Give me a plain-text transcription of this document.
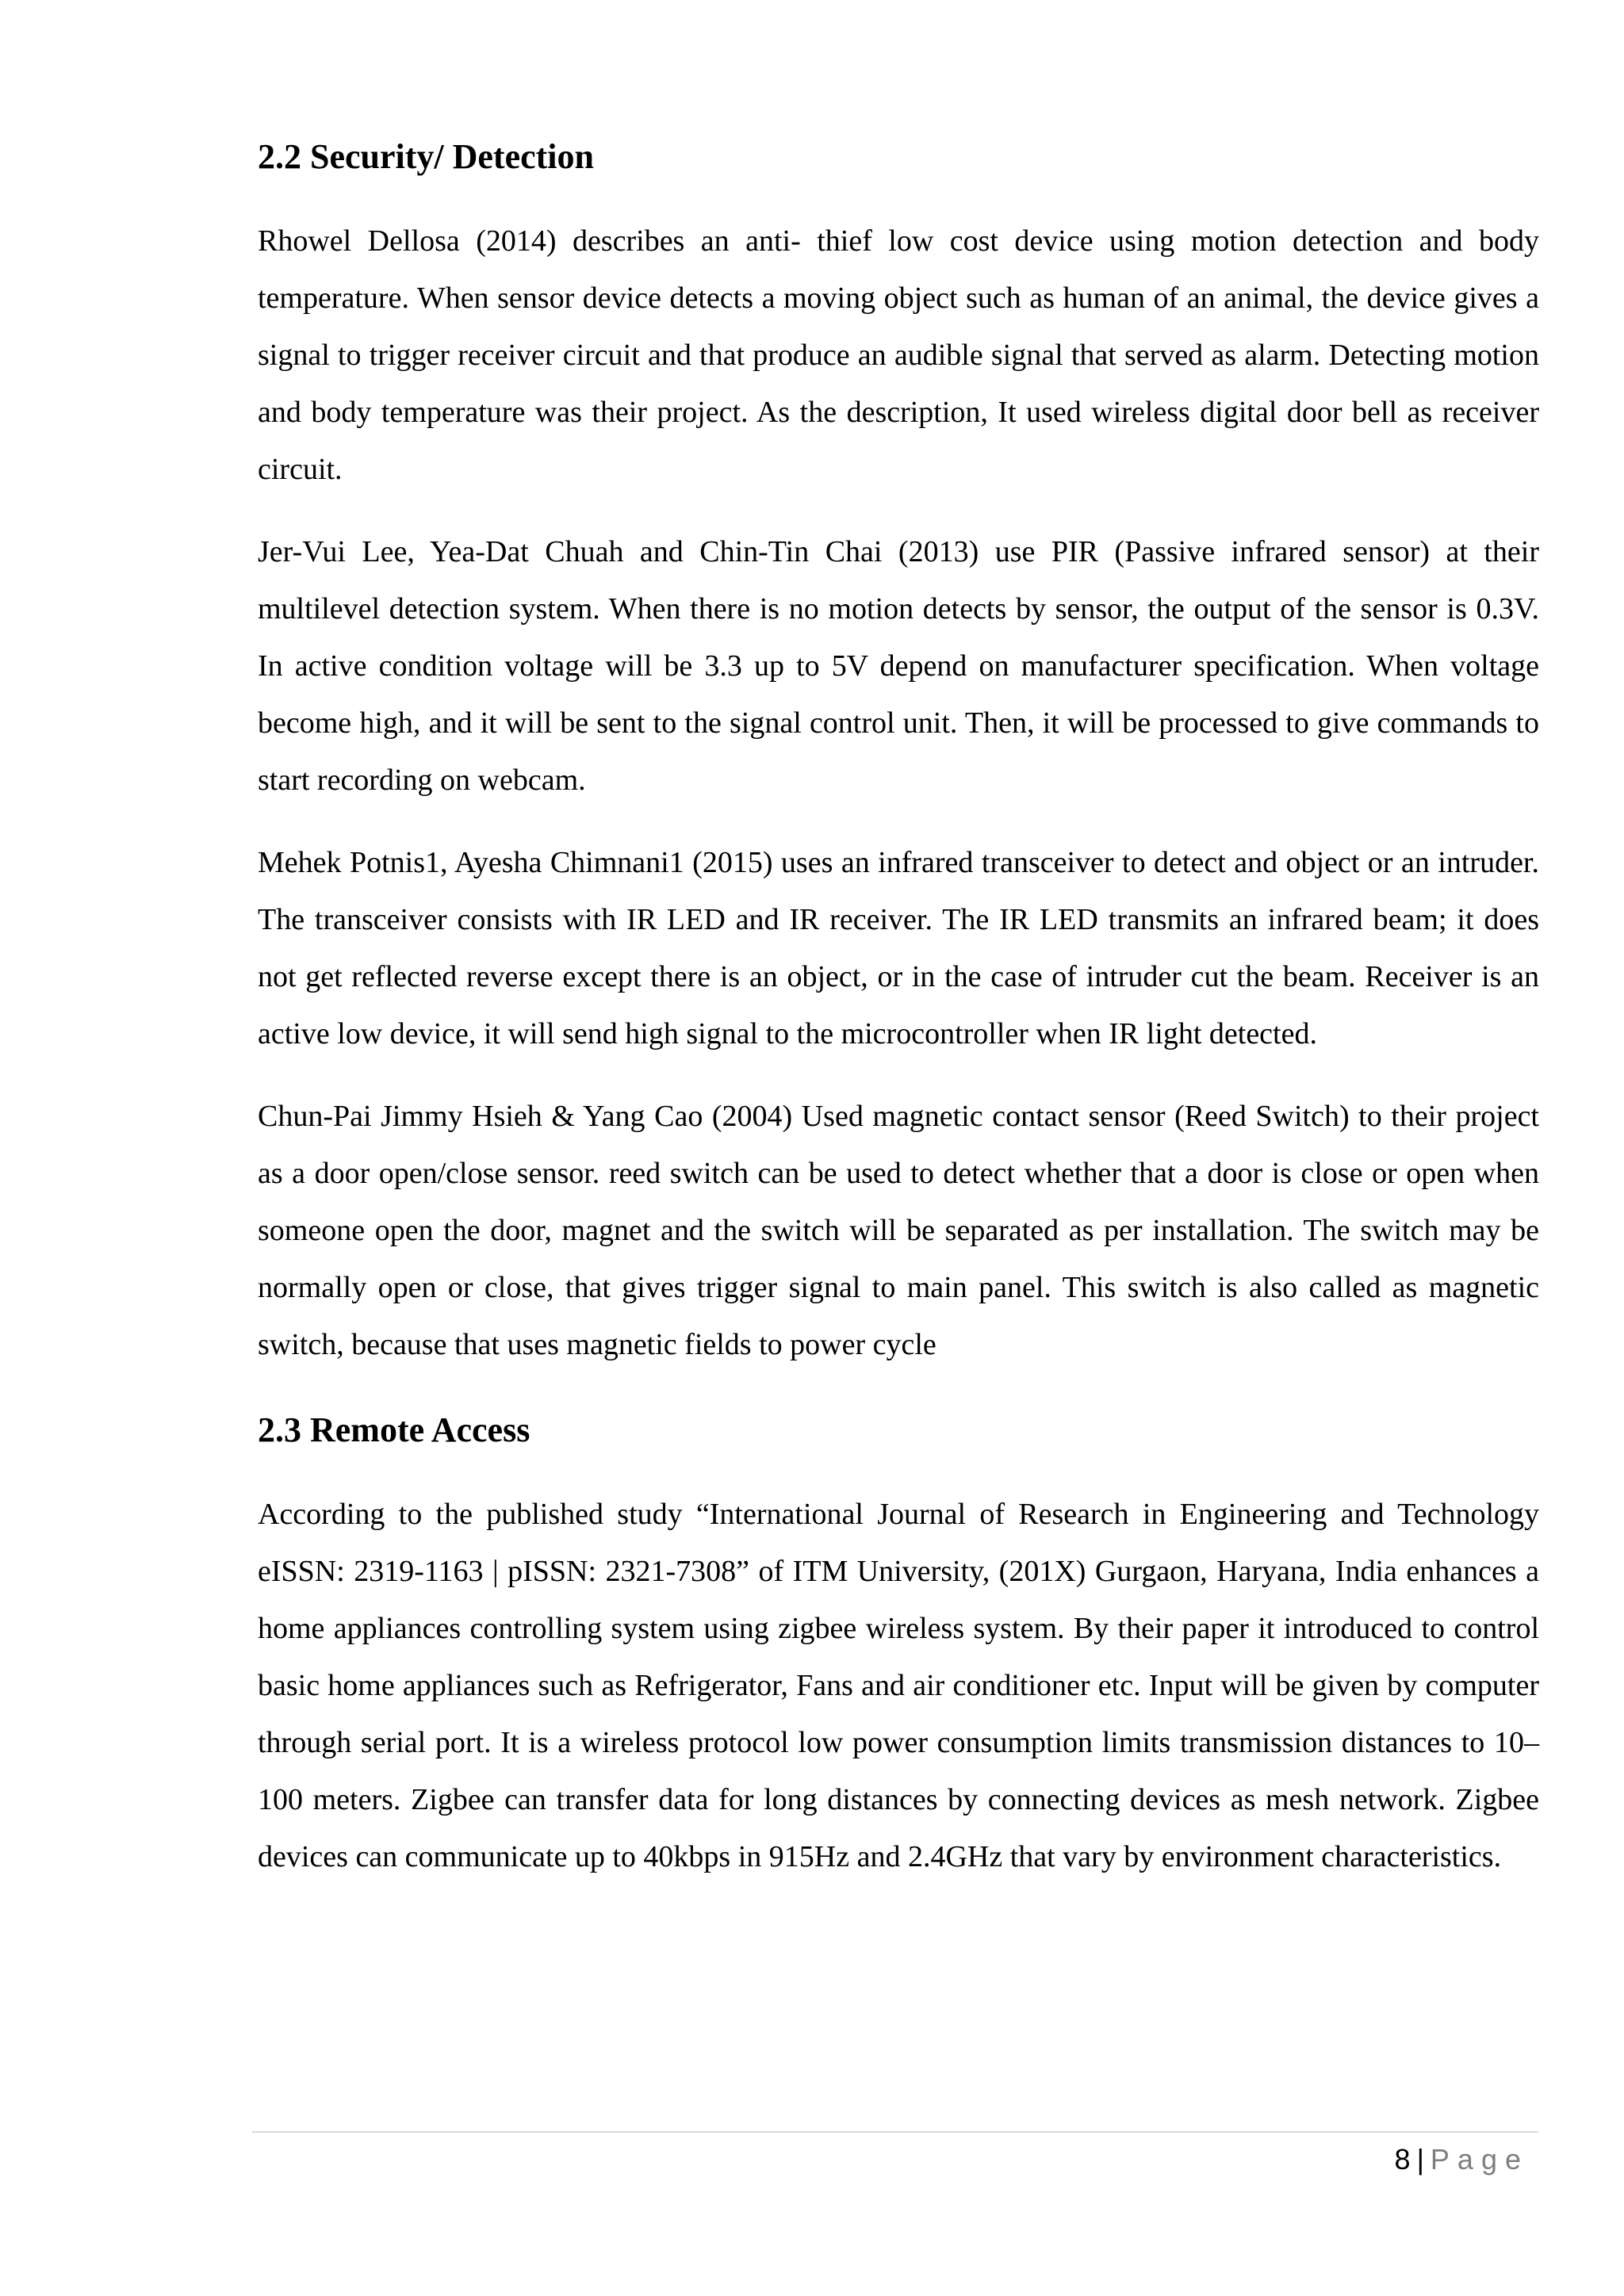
2.2 Security/ Detection

Rhowel Dellosa (2014) describes an anti- thief low cost device using motion detection and body temperature. When sensor device detects a moving object such as human of an animal, the device gives a signal to trigger receiver circuit and that produce an audible signal that served as alarm. Detecting motion and body temperature was their project. As the description, It used wireless digital door bell as receiver circuit.

Jer-Vui Lee, Yea-Dat Chuah and Chin-Tin Chai (2013) use PIR (Passive infrared sensor) at their multilevel detection system. When there is no motion detects by sensor, the output of the sensor is 0.3V. In active condition voltage will be 3.3 up to 5V depend on manufacturer specification. When voltage become high, and it will be sent to the signal control unit. Then, it will be processed to give commands to start recording on webcam.

Mehek Potnis1, Ayesha Chimnani1 (2015) uses an infrared transceiver to detect and object or an intruder. The transceiver consists with IR LED and IR receiver. The IR LED transmits an infrared beam; it does not get reflected reverse except there is an object, or in the case of intruder cut the beam. Receiver is an active low device, it will send high signal to the microcontroller when IR light detected.

Chun-Pai Jimmy Hsieh & Yang Cao (2004) Used magnetic contact sensor (Reed Switch) to their project as a door open/close sensor. reed switch can be used to detect whether that a door is close or open when someone open the door, magnet and the switch will be separated as per installation. The switch may be normally open or close, that gives trigger signal to main panel. This switch is also called as magnetic switch, because that uses magnetic fields to power cycle

2.3 Remote Access

According to the published study “International Journal of Research in Engineering and Technology eISSN: 2319-1163 | pISSN: 2321-7308” of ITM University, (201X) Gurgaon, Haryana, India enhances a home appliances controlling system using zigbee wireless system. By their paper it introduced to control basic home appliances such as Refrigerator, Fans and air conditioner etc. Input will be given by computer through serial port. It is a wireless protocol low power consumption limits transmission distances to 10–100 meters. Zigbee can transfer data for long distances by connecting devices as mesh network. Zigbee devices can communicate up to 40kbps in 915Hz and 2.4GHz that vary by environment characteristics.

8 | Page
